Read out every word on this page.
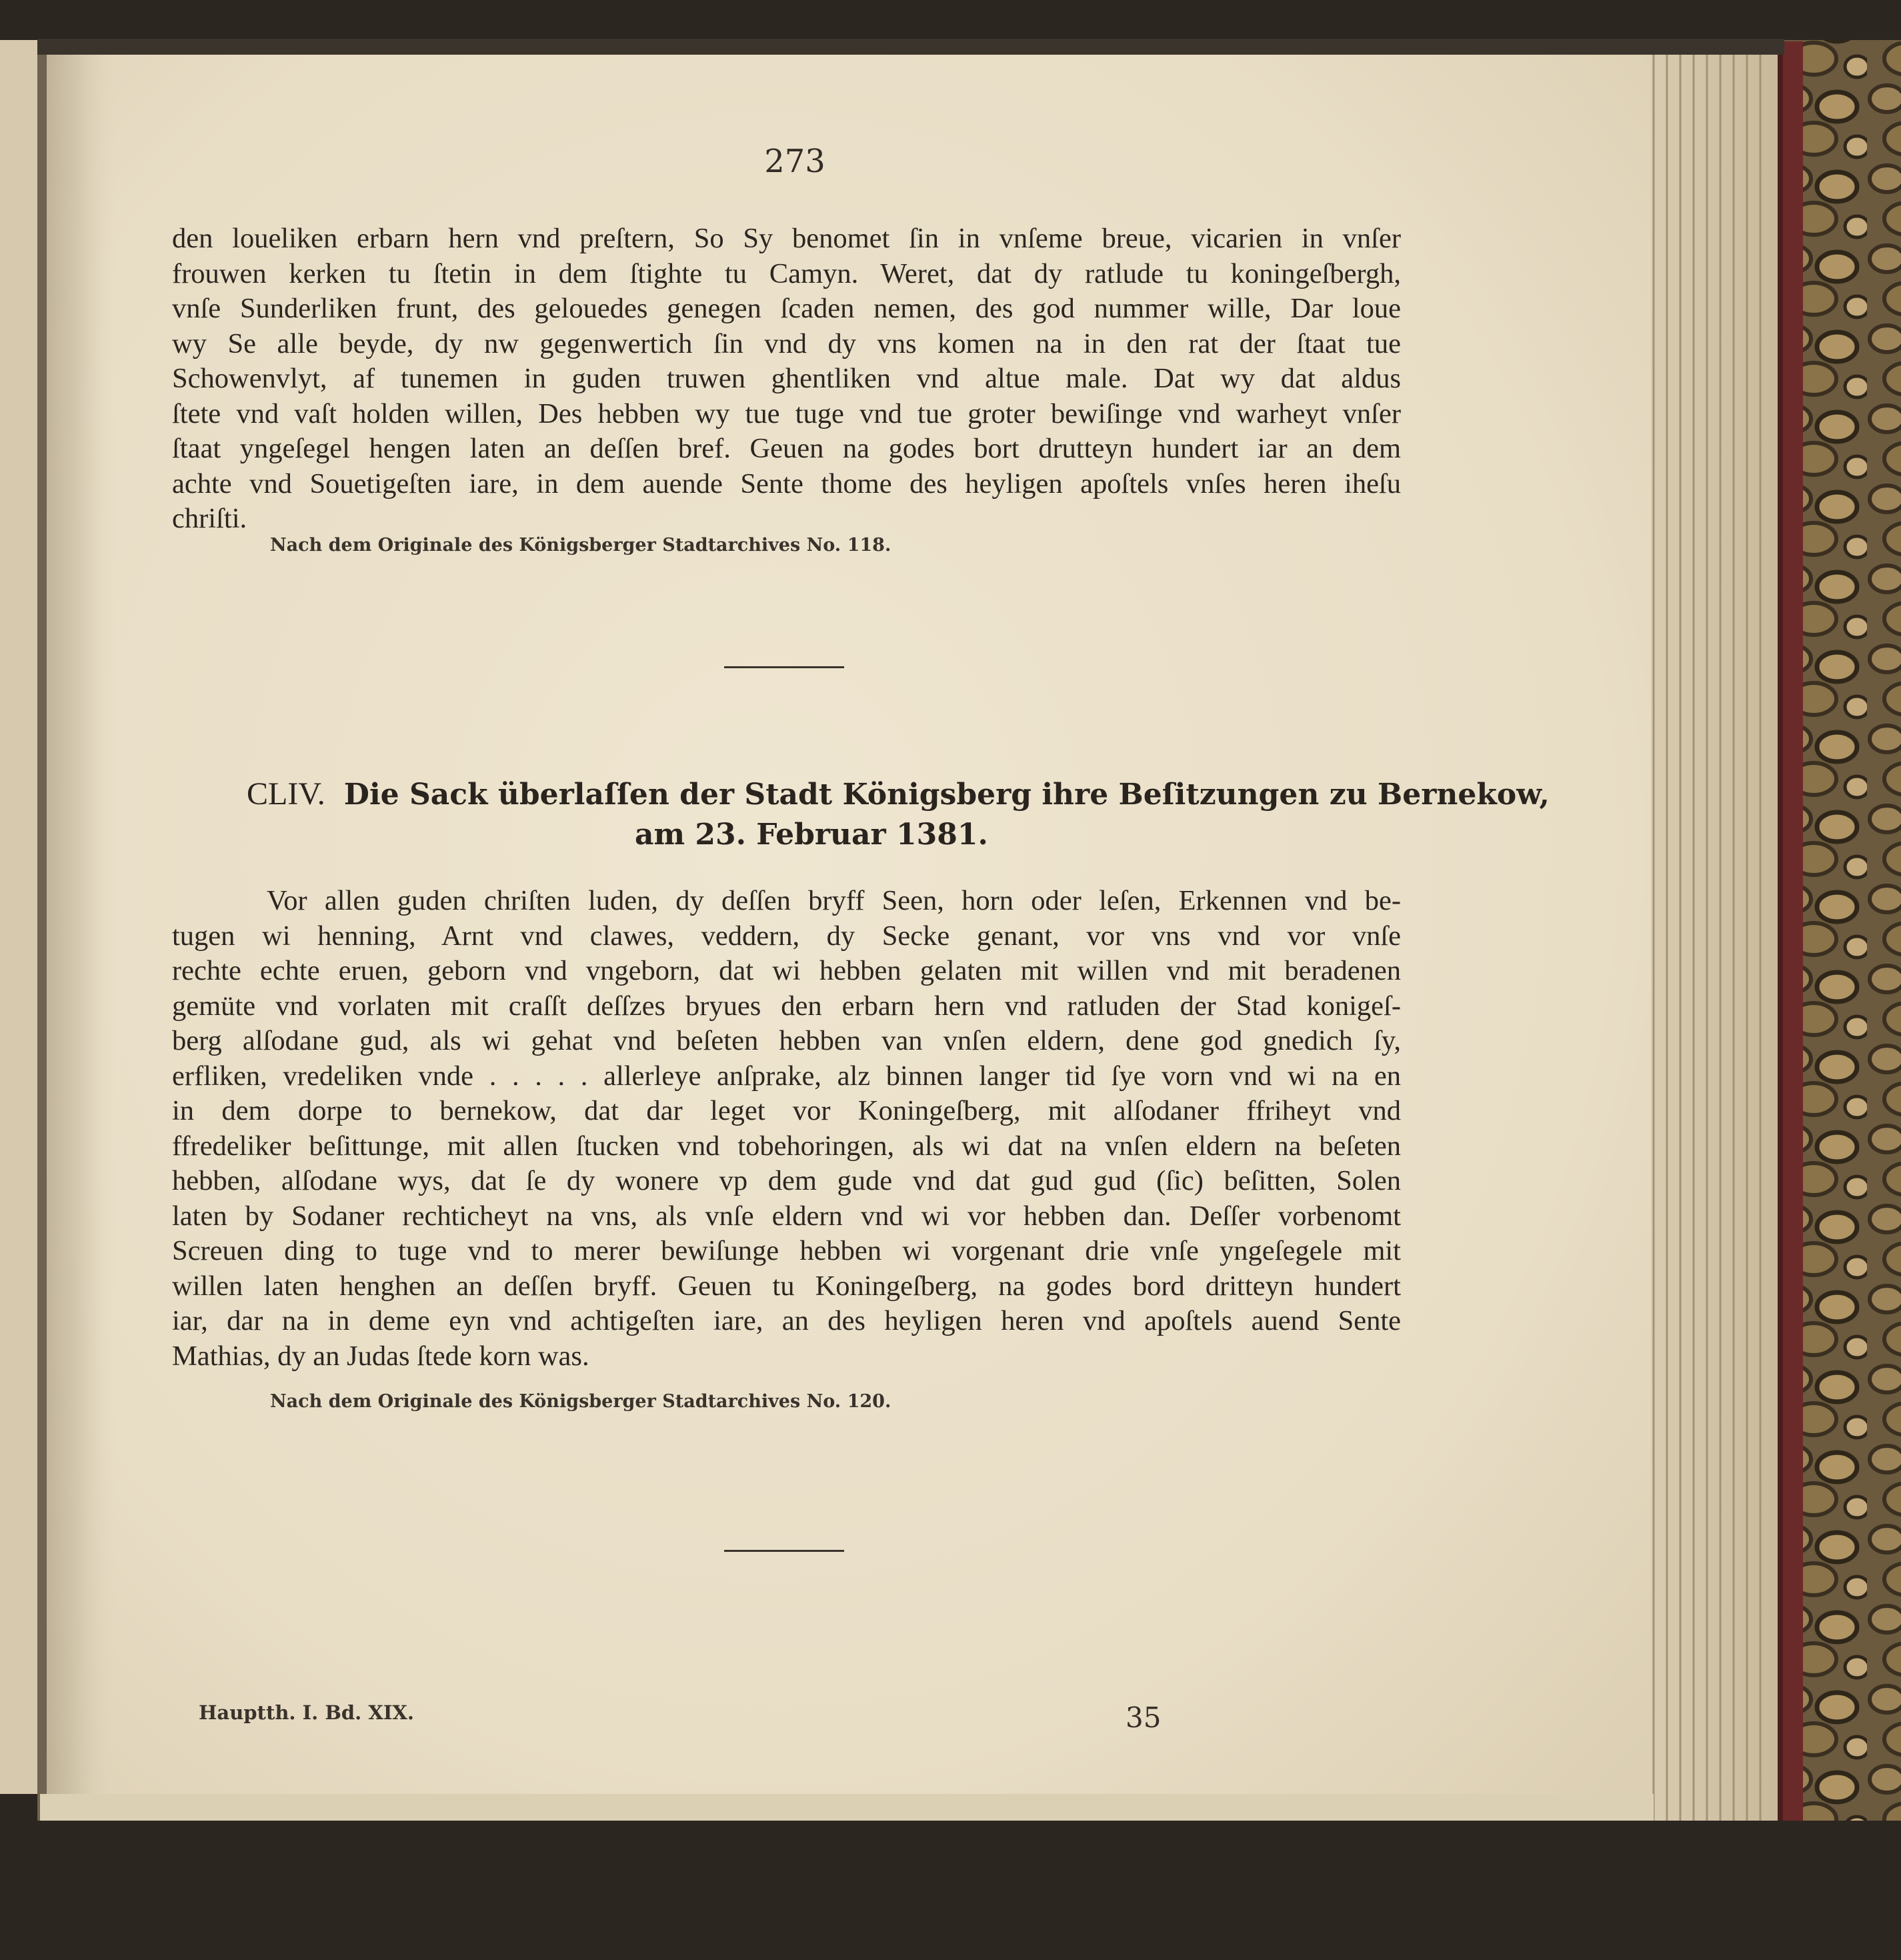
273
den loueliken erbarn hern vnd preſtern, So Sy benomet ſin in vnſeme breue, vicarien in vnſer
frouwen kerken tu ſtetin in dem ſtighte tu Camyn. Weret, dat dy ratlude tu koningeſbergh,
vnſe Sunderliken frunt, des gelouedes genegen ſcaden nemen, des god nummer wille, Dar loue
wy Se alle beyde, dy nw gegenwertich ſin vnd dy vns komen na in den rat der ſtaat tue
Schowenvlyt, af tunemen in guden truwen ghentliken vnd altue male. Dat wy dat aldus
ſtete vnd vaſt holden willen, Des hebben wy tue tuge vnd tue groter bewiſinge vnd warheyt vnſer
ſtaat yngeſegel hengen laten an deſſen bref. Geuen na godes bort drutteyn hundert iar an dem
achte vnd Souetigeſten iare, in dem auende Sente thome des heyligen apoſtels vnſes heren iheſu
chriſti.
Nach dem Originale des Königsberger Stadtarchives No. 118.
CLIV. Die Sack überlaſſen der Stadt Königsberg ihre Beſitzungen zu Bernekow,
am 23. Februar 1381.
Vor allen guden chriſten luden, dy deſſen bryff Seen, horn oder leſen, Erkennen vnd be-
tugen wi henning, Arnt vnd clawes, veddern, dy Secke genant, vor vns vnd vor vnſe
rechte echte eruen, geborn vnd vngeborn, dat wi hebben gelaten mit willen vnd mit beradenen
gemüte vnd vorlaten mit craſſt deſſzes bryues den erbarn hern vnd ratluden der Stad konigeſ-
berg alſodane gud, als wi gehat vnd beſeten hebben van vnſen eldern, dene god gnedich ſy,
erfliken, vredeliken vnde . . . . . allerleye anſprake, alz binnen langer tid ſye vorn vnd wi na en
in dem dorpe to bernekow, dat dar leget vor Koningeſberg, mit alſodaner ffriheyt vnd
ffredeliker beſittunge, mit allen ſtucken vnd tobehoringen, als wi dat na vnſen eldern na beſeten
hebben, alſodane wys, dat ſe dy wonere vp dem gude vnd dat gud gud (ſic) beſitten, Solen
laten by Sodaner rechticheyt na vns, als vnſe eldern vnd wi vor hebben dan. Deſſer vorbenomt
Screuen ding to tuge vnd to merer bewiſunge hebben wi vorgenant drie vnſe yngeſegele mit
willen laten henghen an deſſen bryff. Geuen tu Koningeſberg, na godes bord dritteyn hundert
iar, dar na in deme eyn vnd achtigeſten iare, an des heyligen heren vnd apoſtels auend Sente
Mathias, dy an Judas ſtede korn was.
Nach dem Originale des Königsberger Stadtarchives No. 120.
Hauptth. I. Bd. XIX.	35
